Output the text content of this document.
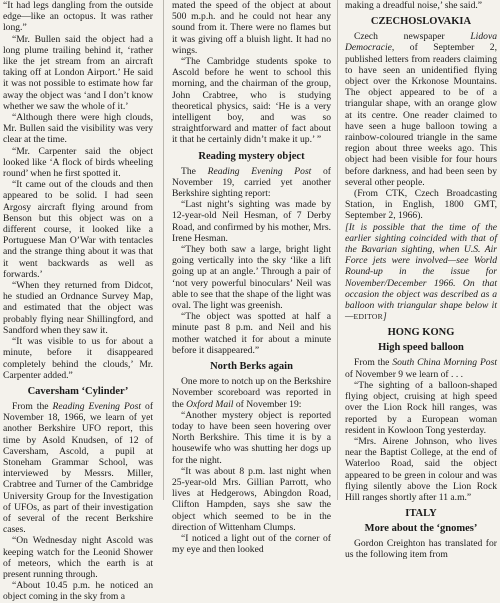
“It had legs dangling from the outside edge—like an octopus. It was rather long.”

“Mr. Bullen said the object had a long plume trailing behind it, ‘rather like the jet stream from an aircraft taking off at London Airport.’ He said it was not possible to estimate how far away the object was ‘and I don’t know whether we saw the whole of it.’

“Although there were high clouds, Mr. Bullen said the visibility was very clear at the time.

“Mr. Carpenter said the object looked like ‘A flock of birds wheeling round’ when he first spotted it.

“It came out of the clouds and then appeared to be solid. I had seen Argosy aircraft flying around from Benson but this object was on a different course, it looked like a Portuguese Man O’War with tentacles and the strange thing about it was that it went backwards as well as forwards.’

“When they returned from Didcot, he studied an Ordnance Survey Map, and estimated that the object was probably flying near Shillingford, and Sandford when they saw it.

“It was visible to us for about a minute, before it disappeared completely behind the clouds,’ Mr. Carpenter added.”

Caversham ‘Cylinder’

From the Reading Evening Post of November 18, 1966, we learn of yet another Berkshire UFO report, this time by Asold Knudsen, of 12 of Caversham, Ascold, a pupil at Stoneham Grammar School, was interviewed by Messrs. Miller, Crabtree and Turner of the Cambridge University Group for the Investigation of UFOs, as part of their investigation of several of the recent Berkshire cases.

“On Wednesday night Ascold was keeping watch for the Leonid Shower of meteors, which the earth is at present running through.

“About 10.45 p.m. he noticed an object coming in the sky from a

mated the speed of the object at about 500 m.p.h. and he could not hear any sound from it. There were no flames but it was giving off a bluish light. It had no wings.

“The Cambridge students spoke to Ascold before he went to school this morning, and the chairman of the group, John Crabtree, who is studying theoretical physics, said: ‘He is a very intelligent boy, and was so straightforward and matter of fact about it that he certainly didn’t make it up.’ ”

Reading mystery object

The Reading Evening Post of November 19, carried yet another Berkshire sighting report:

“Last night’s sighting was made by 12-year-old Neil Hesman, of 7 Derby Road, and confirmed by his mother, Mrs. Irene Hesman.

“They both saw a large, bright light going vertically into the sky ‘like a lift going up at an angle.’ Through a pair of ‘not very powerful binoculars’ Neil was able to see that the shape of the light was oval. The light was greenish.

“The object was spotted at half a minute past 8 p.m. and Neil and his mother watched it for about a minute before it disappeared.”

North Berks again

One more to notch up on the Berkshire November scoreboard was reported in the Oxford Mail of November 19:

“Another mystery object is reported today to have been seen hovering over North Berkshire. This time it is by a housewife who was shutting her dogs up for the night.

“It was about 8 p.m. last night when 25-year-old Mrs. Gillian Parrott, who lives at Hedgerows, Abingdon Road, Clifton Hampden, says she saw the object which seemed to be in the direction of Wittenham Clumps.

“I noticed a light out of the corner of my eye and then looked

making a dreadful noise,’ she said.”

CZECHOSLOVAKIA

Czech newspaper Lidova Democracie, of September 2, published letters from readers claiming to have seen an unidentified flying object over the Krkonose Mountains. The object appeared to be of a triangular shape, with an orange glow at its centre. One reader claimed to have seen a huge balloon towing a rainbow-coloured triangle in the same region about three weeks ago. This object had been visible for four hours before darkness, and had been seen by several other people.

(From CTK, Czech Broadcasting Station, in English, 1800 GMT, September 2, 1966).

[It is possible that the time of the earlier sighting coincided with that of the Bavarian sighting, when U.S. Air Force jets were involved—see World Round-up in the issue for November/December 1966. On that occasion the object was described as a balloon with triangular shape below it—EDITOR]

HONG KONG
High speed balloon

From the South China Morning Post of November 9 we learn of . . .

“The sighting of a balloon-shaped flying object, cruising at high speed over the Lion Rock hill ranges, was reported by a European woman resident in Kowloon Tong yesterday.

“Mrs. Airene Johnson, who lives near the Baptist College, at the end of Waterloo Road, said the object appeared to be green in colour and was flying silently above the Lion Rock Hill ranges shortly after 11 a.m.”

ITALY
More about the ‘gnomes’

Gordon Creighton has translated for us the following item from
